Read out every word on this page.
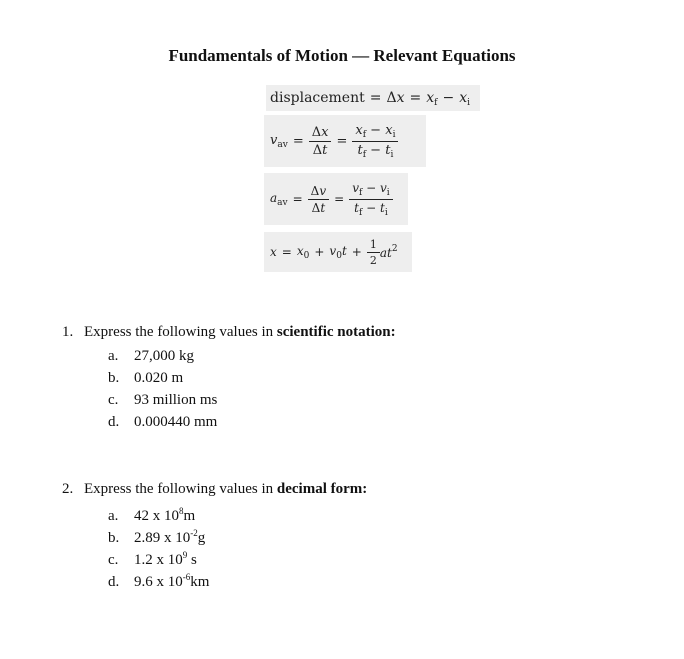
Fundamentals of Motion — Relevant Equations
displacement = $\Delta x = x_f - x_i$
$v_{av} = \frac{\Delta x}{\Delta t} = \frac{x_f - x_i}{t_f - t_i}$
$a_{av} = \frac{\Delta v}{\Delta t} = \frac{v_f - v_i}{t_f - t_i}$
$x = x_0 + v_0t + \frac{1}{2} at^2$
1. Express the following values in scientific notation:
a. 27,000 kg
b. 0.020 m
c. 93 million ms
d. 0.000440 mm
2. Express the following values in decimal form:
a. 42 x $10^8m$
b. 2.89 x $10^{-2}g$
c. 1.2 x $10^9$ s
d. 9.6 x $10^{-6}km$
